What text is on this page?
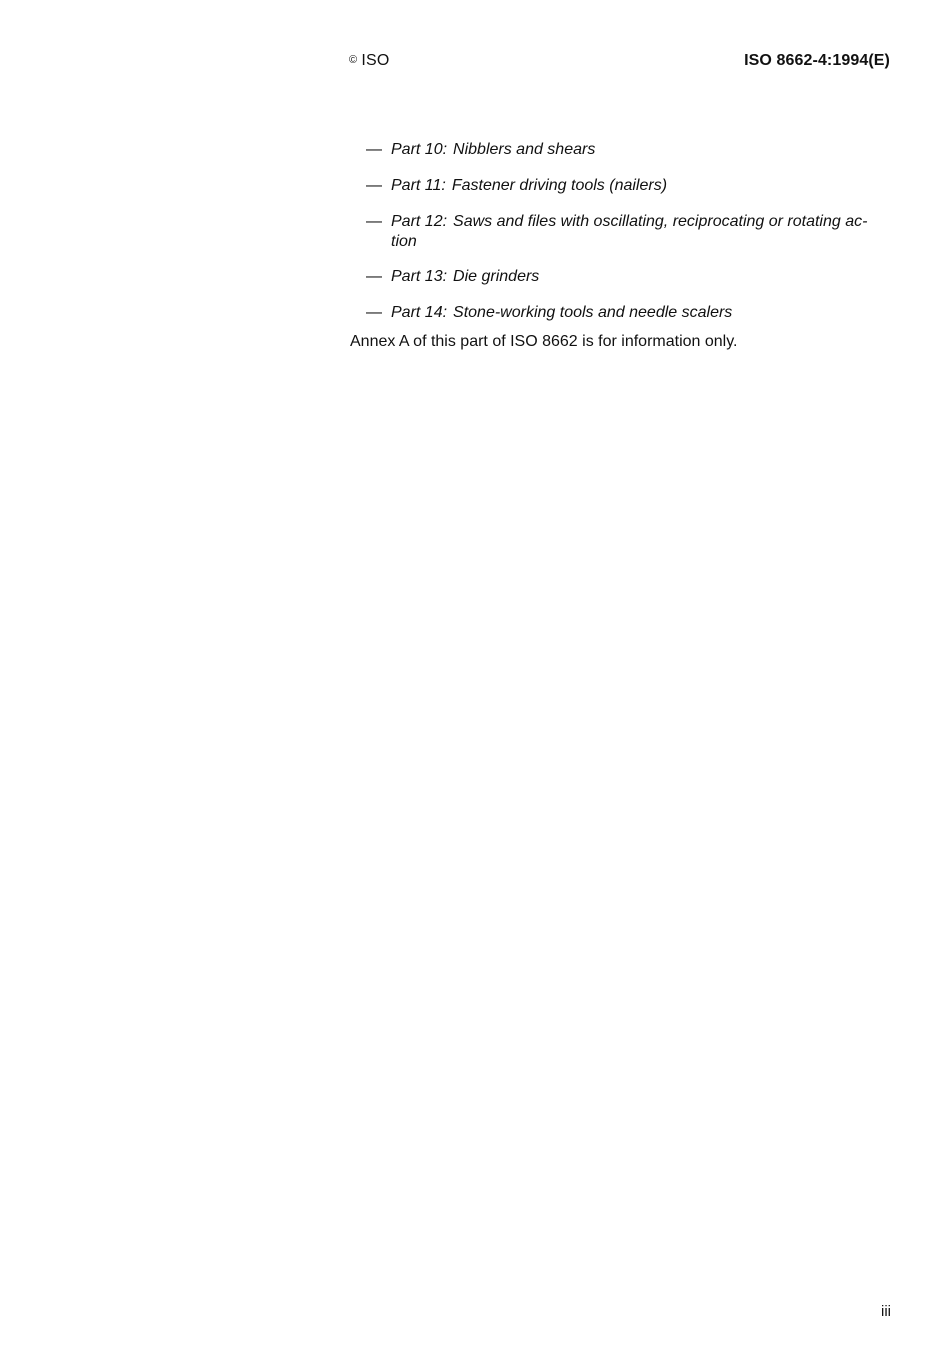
© ISO	ISO 8662-4:1994(E)
— Part 10: Nibblers and shears
— Part 11: Fastener driving tools (nailers)
— Part 12: Saws and files with oscillating, reciprocating or rotating ac-
tion
— Part 13: Die grinders
— Part 14: Stone-working tools and needle scalers
Annex A of this part of ISO 8662 is for information only.
iii
